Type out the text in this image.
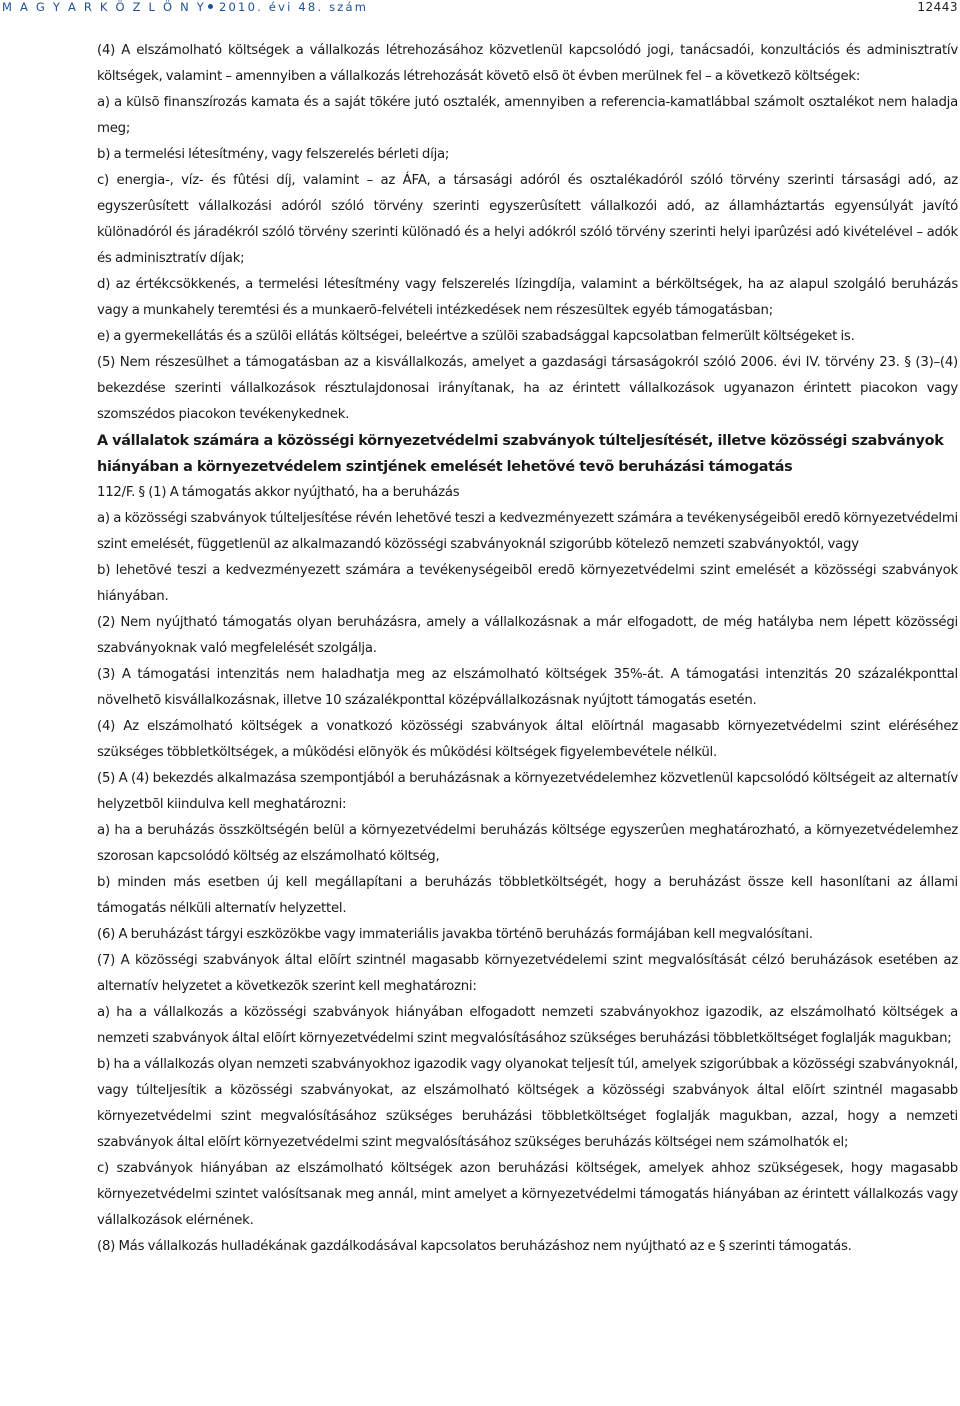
M A G Y A R K Ö Z L Ö N Y 2010. évi 48. szám	12443

(4) A elszámolható költségek a vállalkozás létrehozásához közvetlenül kapcsolódó jogi, tanácsadói, konzultációs és adminisztratív költségek, valamint – amennyiben a vállalkozás létrehozását követõ elsõ öt évben merülnek fel – a következõ költségek:

a) a külsõ finanszírozás kamata és a saját tõkére jutó osztalék, amennyiben a referencia-kamatlábbal számolt osztalékot nem haladja meg;

b) a termelési létesítmény, vagy felszerelés bérleti díja;

c) energia-, víz- és fûtési díj, valamint – az ÁFA, a társasági adóról és osztalékadóról szóló törvény szerinti társasági adó, az egyszerûsített vállalkozási adóról szóló törvény szerinti egyszerûsített vállalkozói adó, az államháztartás egyensúlyát javító különadóról és járadékról szóló törvény szerinti különadó és a helyi adókról szóló törvény szerinti helyi iparûzési adó kivételével – adók és adminisztratív díjak;

d) az értékcsökkenés, a termelési létesítmény vagy felszerelés lízingdíja, valamint a bérköltségek, ha az alapul szolgáló beruházás vagy a munkahely teremtési és a munkaerõ-felvételi intézkedések nem részesültek egyéb támogatásban;

e) a gyermekellátás és a szülõi ellátás költségei, beleértve a szülõi szabadsággal kapcsolatban felmerült költségeket is.

(5) Nem részesülhet a támogatásban az a kisvállalkozás, amelyet a gazdasági társaságokról szóló 2006. évi IV. törvény 23. § (3)–(4) bekezdése szerinti vállalkozások résztulajdonosai irányítanak, ha az érintett vállalkozások ugyanazon érintett piacokon vagy szomszédos piacokon tevékenykednek.

A vállalatok számára a közösségi környezetvédelmi szabványok túlteljesítését, illetve közösségi szabványok hiányában a környezetvédelem szintjének emelését lehetõvé tevõ beruházási támogatás

112/F. § (1) A támogatás akkor nyújtható, ha a beruházás

a) a közösségi szabványok túlteljesítése révén lehetõvé teszi a kedvezményezett számára a tevékenységeibõl eredõ környezetvédelmi szint emelését, függetlenül az alkalmazandó közösségi szabványoknál szigorúbb kötelezõ nemzeti szabványoktól, vagy

b) lehetõvé teszi a kedvezményezett számára a tevékenységeibõl eredõ környezetvédelmi szint emelését a közösségi szabványok hiányában.

(2) Nem nyújtható támogatás olyan beruházásra, amely a vállalkozásnak a már elfogadott, de még hatályba nem lépett közösségi szabványoknak való megfelelését szolgálja.

(3) A támogatási intenzitás nem haladhatja meg az elszámolható költségek 35%-át. A támogatási intenzitás 20 százalékponttal növelhetõ kisvállalkozásnak, illetve 10 százalékponttal középvállalkozásnak nyújtott támogatás esetén.

(4) Az elszámolható költségek a vonatkozó közösségi szabványok által elõírtnál magasabb környezetvédelmi szint eléréséhez szükséges többletköltségek, a mûködési elõnyök és mûködési költségek figyelembevétele nélkül.

(5) A (4) bekezdés alkalmazása szempontjából a beruházásnak a környezetvédelemhez közvetlenül kapcsolódó költségeit az alternatív helyzetbõl kiindulva kell meghatározni:

a) ha a beruházás összköltségén belül a környezetvédelmi beruházás költsége egyszerûen meghatározható, a környezetvédelemhez szorosan kapcsolódó költség az elszámolható költség,

b) minden más esetben új kell megállapítani a beruházás többletköltségét, hogy a beruházást össze kell hasonlítani az állami támogatás nélküli alternatív helyzettel.

(6) A beruházást tárgyi eszközökbe vagy immateriális javakba történõ beruházás formájában kell megvalósítani.

(7) A közösségi szabványok által elõírt szintnél magasabb környezetvédelemi szint megvalósítását célzó beruházások esetében az alternatív helyzetet a következõk szerint kell meghatározni:

a) ha a vállalkozás a közösségi szabványok hiányában elfogadott nemzeti szabványokhoz igazodik, az elszámolható költségek a nemzeti szabványok által elõírt környezetvédelmi szint megvalósításához szükséges beruházási többletköltséget foglalják magukban;

b) ha a vállalkozás olyan nemzeti szabványokhoz igazodik vagy olyanokat teljesít túl, amelyek szigorúbbak a közösségi szabványoknál, vagy túlteljesítik a közösségi szabványokat, az elszámolható költségek a közösségi szabványok által elõírt szintnél magasabb környezetvédelmi szint megvalósításához szükséges beruházási többletköltséget foglalják magukban, azzal, hogy a nemzeti szabványok által elõírt környezetvédelmi szint megvalósításához szükséges beruházás költségei nem számolhatók el;

c) szabványok hiányában az elszámolható költségek azon beruházási költségek, amelyek ahhoz szükségesek, hogy magasabb környezetvédelmi szintet valósítsanak meg annál, mint amelyet a környezetvédelmi támogatás hiányában az érintett vállalkozás vagy vállalkozások elérnének.

(8) Más vállalkozás hulladékának gazdálkodásával kapcsolatos beruházáshoz nem nyújtható az e § szerinti támogatás.
